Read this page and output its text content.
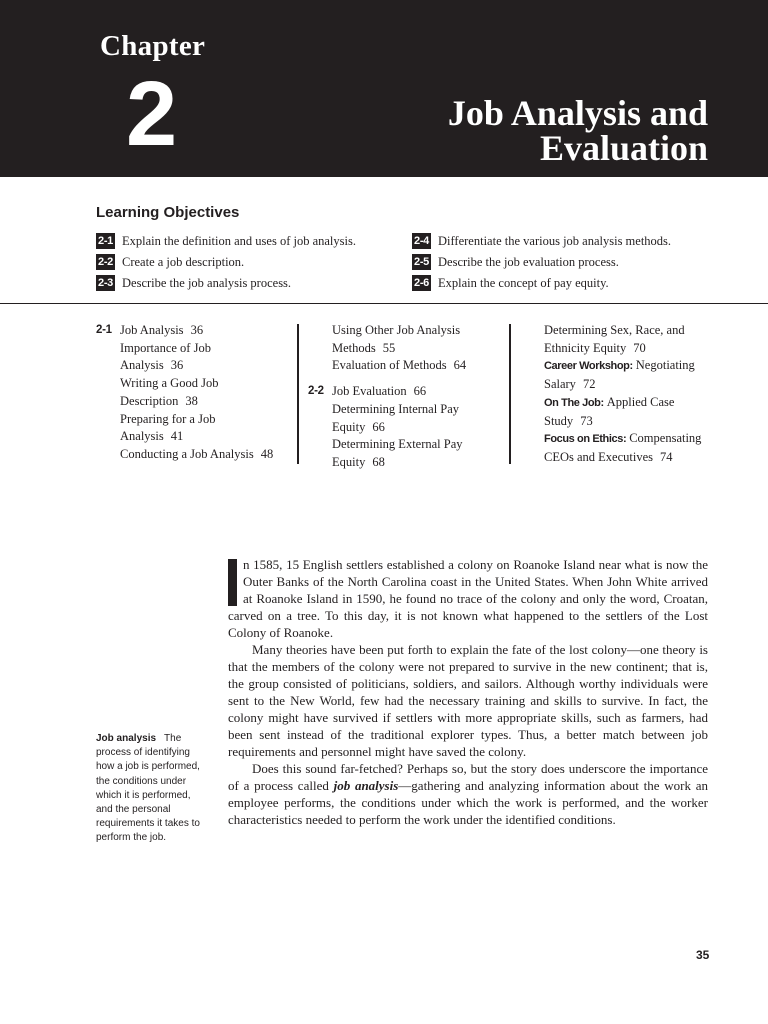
Chapter
2	Job Analysis and
Evaluation
Learning Objectives
2-1 Explain the definition and uses of job analysis.
2-2 Create a job description.
2-3 Describe the job analysis process.
2-4 Differentiate the various job analysis methods.
2-5 Describe the job evaluation process.
2-6 Explain the concept of pay equity.
2-1 Job Analysis 36
Importance of Job
Analysis 36
Writing a Good Job
Description 38
Preparing for a Job
Analysis 41
Conducting a Job Analysis 48
Using Other Job Analysis
Methods 55
Evaluation of Methods 64
2-2 Job Evaluation 66
Determining Internal Pay
Equity 66
Determining External Pay
Equity 68
Determining Sex, Race, and
Ethnicity Equity 70
Career Workshop: Negotiating
Salary 72
On The Job: Applied Case
Study 73
Focus on Ethics: Compensating
CEOs and Executives 74

n 1585, 15 English settlers established a colony on Roanoke Island near what is now the Outer Banks of the North Carolina coast in the United States. When John White arrived at Roanoke Island in 1590, he found no trace of the colony and only the word, Croatan, carved on a tree. To this day, it is not known what happened to the settlers of the Lost Colony of Roanoke.

Many theories have been put forth to explain the fate of the lost colony—one theory is that the members of the colony were not prepared to survive in the new continent; that is, the group consisted of politicians, soldiers, and sailors. Although worthy individuals were sent to the New World, few had the necessary training and skills to survive. In fact, the colony might have survived if settlers with more appropriate skills, such as farmers, had been sent instead of the traditional explorer types. Thus, a better match between job requirements and personnel might have saved the colony.

Does this sound far-fetched? Perhaps so, but the story does underscore the importance of a process called job analysis—gathering and analyzing information about the work an employee performs, the conditions under which the work is performed, and the worker characteristics needed to perform the work under the identified conditions.

Job analysis The process of identifying how a job is performed, the conditions under which it is performed, and the personal requirements it takes to perform the job.
35
